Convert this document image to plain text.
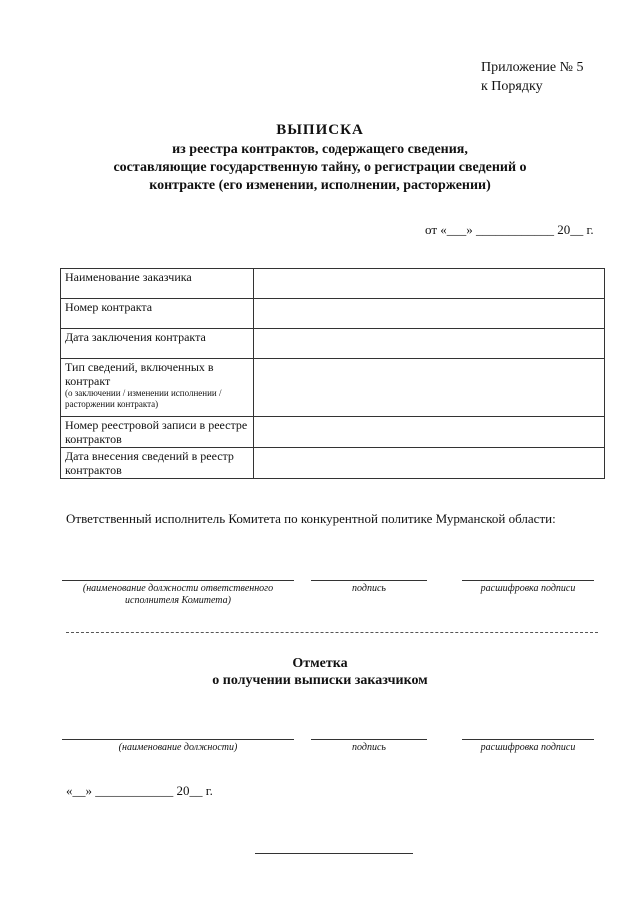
Приложение № 5
к Порядку
ВЫПИСКА
из реестра контрактов, содержащего сведения,
составляющие государственную тайну, о регистрации сведений о
контракте (его изменении, исполнении, расторжении)
от «___» ____________ 20__ г.
Наименование заказчика	
Номер контракта	
Дата заключения контракта	

Тип сведений, включенных в контракт
(о заключении / изменении исполнении / расторжении контракта)	

Номер реестровой записи в реестре контрактов	
Дата внесения сведений в реестр контрактов	
Ответственный исполнитель Комитета по конкурентной политике Мурманской области:
(наименование должности ответственного исполнителя Комитета)
подпись	расшифровка подписи
Отметка
о получении выписки заказчиком
(наименование должности)	подпись	расшифровка подписи
«__» ____________ 20__ г.
